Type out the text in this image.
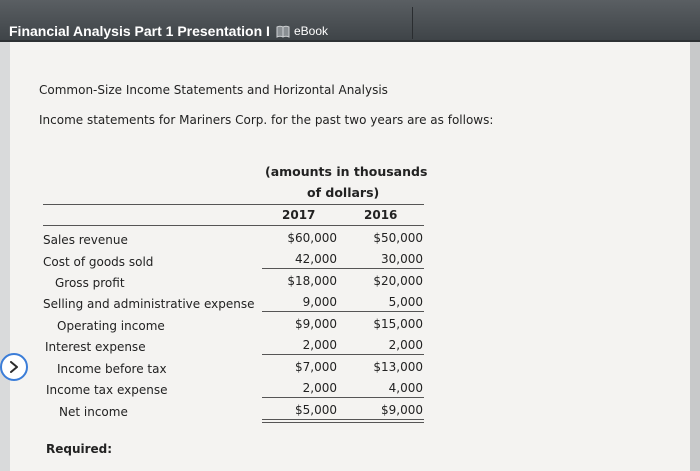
Financial Analysis Part 1 Presentation I eBook
Common-Size Income Statements and Horizontal Analysis
Income statements for Mariners Corp. for the past two years are as follows:
(amounts in thousands
of dollars)
2017	2016
Sales revenue
Cost of goods sold
Gross profit
Selling and administrative expense
Operating income
Interest expense
Income before tax
Income tax expense
Net income
$60,000
42,000
$18,000
9,000
$9,000
2,000
$7,000
2,000
$5,000
$50,000
30,000
$20,000
5,000
$15,000
2,000
$13,000
4,000
$9,000
Required:
